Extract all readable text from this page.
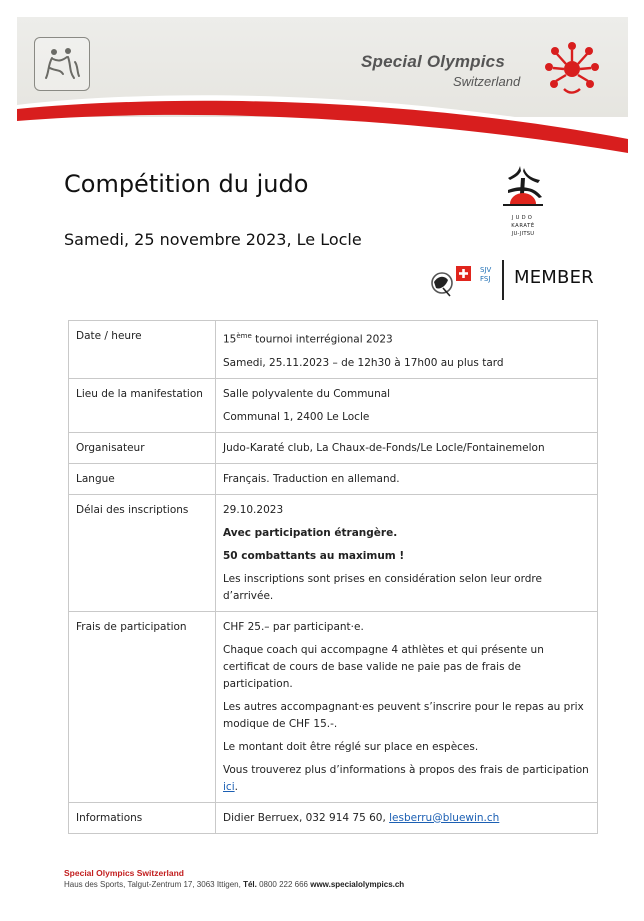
Special Olympics
Switzerland
Compétition du judo
Samedi, 25 novembre 2023, Le Locle
JUDO
KARATÉ
JU-JITSU
SJV
FSJ MEMBER
Date / heure	15ème tournoi interrégional 2023

Samedi, 25.11.2023 – de 12h30 à 17h00 au plus tard

Lieu de la manifestation	Salle polyvalente du Communal

Communal 1, 2400 Le Locle

Organisateur	Judo-Karaté club, La Chaux-de-Fonds/Le Locle/Fontainemelon
Langue	Français. Traduction en allemand.
Délai des inscriptions	29.10.2023

Avec participation étrangère.

50 combattants au maximum !

Les inscriptions sont prises en considération selon leur ordre d’arrivée.

Frais de participation	CHF 25.– par participant·e.

Chaque coach qui accompagne 4 athlètes et qui présente un certificat de cours de base valide ne paie pas de frais de participation.

Les autres accompagnant·es peuvent s’inscrire pour le repas au prix modique de CHF 15.-.

Le montant doit être réglé sur place en espèces.

Vous trouverez plus d’informations à propos des frais de participation ici.

Informations	Didier Berruex, 032 914 75 60, lesberru@bluewin.ch
Special Olympics Switzerland
Haus des Sports, Talgut-Zentrum 17, 3063 Ittigen, Tél. 0800 222 666 www.specialolympics.ch
